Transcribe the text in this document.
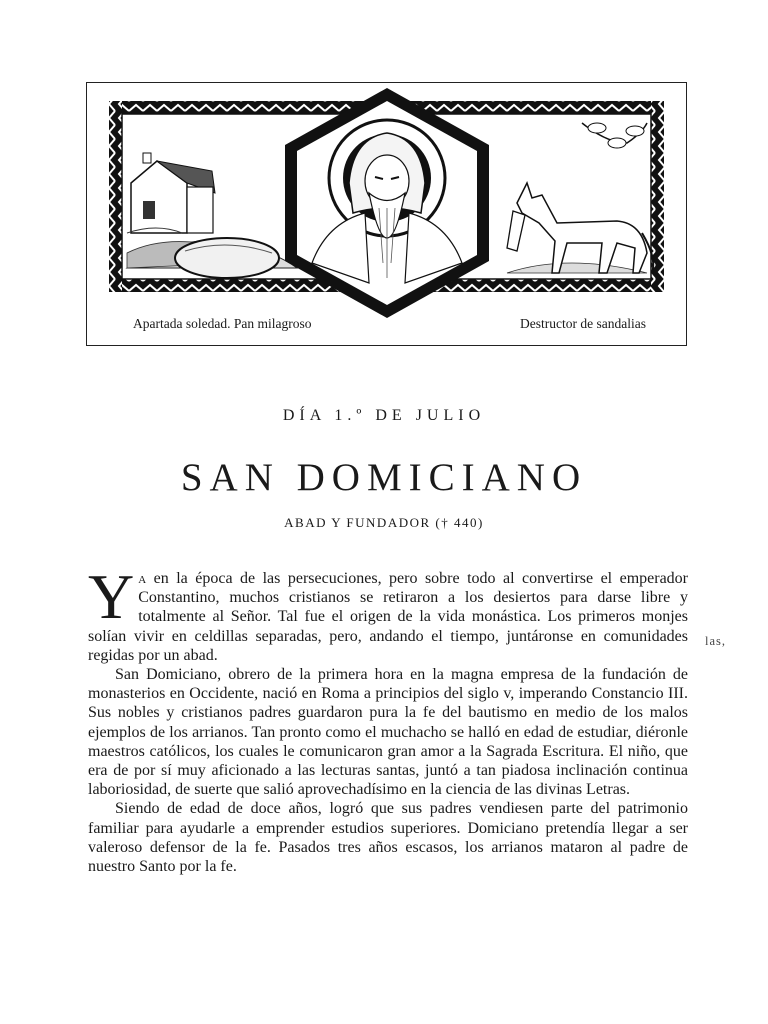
Apartada soledad. Pan milagroso	Destructor de sandalias
DÍA 1.º DE JULIO
SAN DOMICIANO
ABAD Y FUNDADOR († 440)

Ya en la época de las persecuciones, pero sobre todo al convertirse el emperador Constantino, muchos cristianos se retiraron a los desiertos para darse libre y totalmente al Señor. Tal fue el origen de la vida monástica. Los primeros monjes solían vivir en celdillas separadas, pero, andando el tiempo, juntáronse en comunidades regidas por un abad.

San Domiciano, obrero de la primera hora en la magna empresa de la fundación de monasterios en Occidente, nació en Roma a principios del siglo v, imperando Constancio III. Sus nobles y cristianos padres guardaron pura la fe del bautismo en medio de los malos ejemplos de los arrianos. Tan pronto como el muchacho se halló en edad de estudiar, diéronle maestros católicos, los cuales le comunicaron gran amor a la Sagrada Escritura. El niño, que era de por sí muy aficionado a las lecturas santas, juntó a tan piadosa inclinación continua laboriosidad, de suerte que salió aprovechadísimo en la ciencia de las divinas Letras.

Siendo de edad de doce años, logró que sus padres vendiesen parte del patrimonio familiar para ayudarle a emprender estudios superiores. Domiciano pretendía llegar a ser valeroso defensor de la fe. Pasados tres años escasos, los arrianos mataron al padre de nuestro Santo por la fe.

las,
